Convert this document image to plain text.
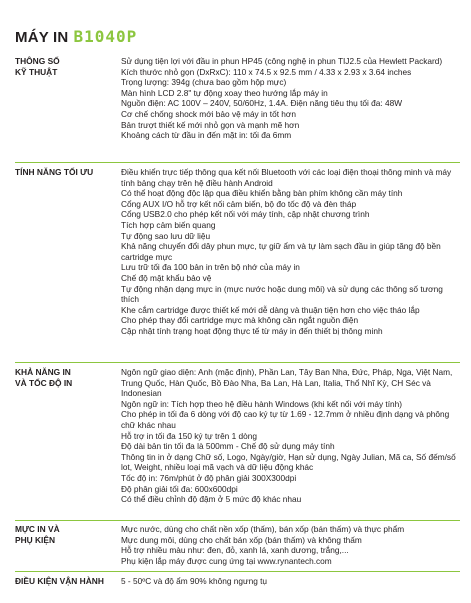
MÁY IN B1040P
THÔNG SỐ
KỸ THUẬT
Sử dụng tiện lợi với đầu in phun HP45 (công nghệ in phun TIJ2.5 của Hewlett Packard)
Kích thước nhỏ gọn (DxRxC): 110 x 74.5 x 92.5 mm / 4.33 x 2.93 x 3.64 inches
Trọng lượng: 394g (chưa bao gồm hộp mực)
Màn hình LCD 2.8" tự động xoay theo hướng lắp máy in
Nguồn điện: AC 100V – 240V, 50/60Hz, 1.4A. Điện năng tiêu thụ tối đa: 48W
Cơ chế chống shock mới bảo vệ máy in tốt hơn
Bản trượt thiết kế mới nhỏ gọn và mạnh mẽ hơn
Khoảng cách từ đầu in đến mặt in: tối đa 6mm
TÍNH NĂNG TỐI ƯU	Điều khiển trực tiếp thông qua kết nối Bluetooth với các loại điện thoại thông minh và máy tính bảng chạy trên hệ điều hành Android
Có thể hoạt động độc lập qua điều khiển bằng bàn phím không cần máy tính
Cổng AUX I/O hỗ trợ kết nối cảm biến, bộ đo tốc độ và đèn tháp
Cổng USB2.0 cho phép kết nối với máy tính, cập nhật chương trình
Tích hợp cảm biến quang
Tự động sao lưu dữ liệu
Khả năng chuyển đổi dây phun mực, tự giữ ẩm và tự làm sạch đầu in giúp tăng độ bền cartridge mực
Lưu trữ tối đa 100 bản in trên bộ nhớ của máy in
Chế độ mật khẩu bảo vệ
Tự động nhận dạng mực in (mực nước hoặc dung môi) và sử dụng các thông số tương thích
Khe cắm cartridge được thiết kế mới dễ dàng và thuận tiện hơn cho việc tháo lắp
Cho phép thay đổi cartridge mực mà không cần ngắt nguồn điện
Cập nhật tính trạng hoạt động thực tế từ máy in đến thiết bị thông minh
KHẢ NĂNG IN
VÀ TỐC ĐỘ IN
Ngôn ngữ giao diện: Anh (mặc định), Phần Lan, Tây Ban Nha, Đức, Pháp, Nga, Việt Nam, Trung Quốc, Hàn Quốc, Bồ Đào Nha, Ba Lan, Hà Lan, Italia, Thổ Nhĩ Kỳ, CH Séc và Indonesian
Ngôn ngữ in: Tích hợp theo hệ điều hành Windows (khi kết nối với máy tính)
Cho phép in tối đa 6 dòng với độ cao ký tự từ 1.69 - 12.7mm ở nhiều định dạng và phông chữ khác nhau
Hỗ trợ in tối đa 150 ký tự trên 1 dòng
Độ dài bản tin tối đa là 500mm - Chế độ sử dụng máy tính
Thông tin in ở dạng Chữ số, Logo, Ngày/giờ, Hạn sử dụng, Ngày Julian, Mã ca, Số đếm/số lot, Weight, nhiều loại mã vạch và dữ liệu động khác
Tốc độ in: 76m/phút ở độ phân giải 300X300dpi
Độ phân giải tối đa: 600x600dpi
Có thể điều chỉnh độ đậm ở 5 mức độ khác nhau
MỰC IN VÀ
PHỤ KIỆN
Mực nước, dùng cho chất nền xốp (thấm), bán xốp (bán thấm) và thực phẩm
Mực dung môi, dùng cho chất bán xốp (bán thấm) và không thấm
Hỗ trợ nhiều màu như: đen, đỏ, xanh lá, xanh dương, trắng,...
Phụ kiện lắp máy được cung ứng tại www.rynantech.com
ĐIỀU KIỆN VẬN HÀNH	5 - 50ºC và độ ẩm 90% không ngưng tụ
